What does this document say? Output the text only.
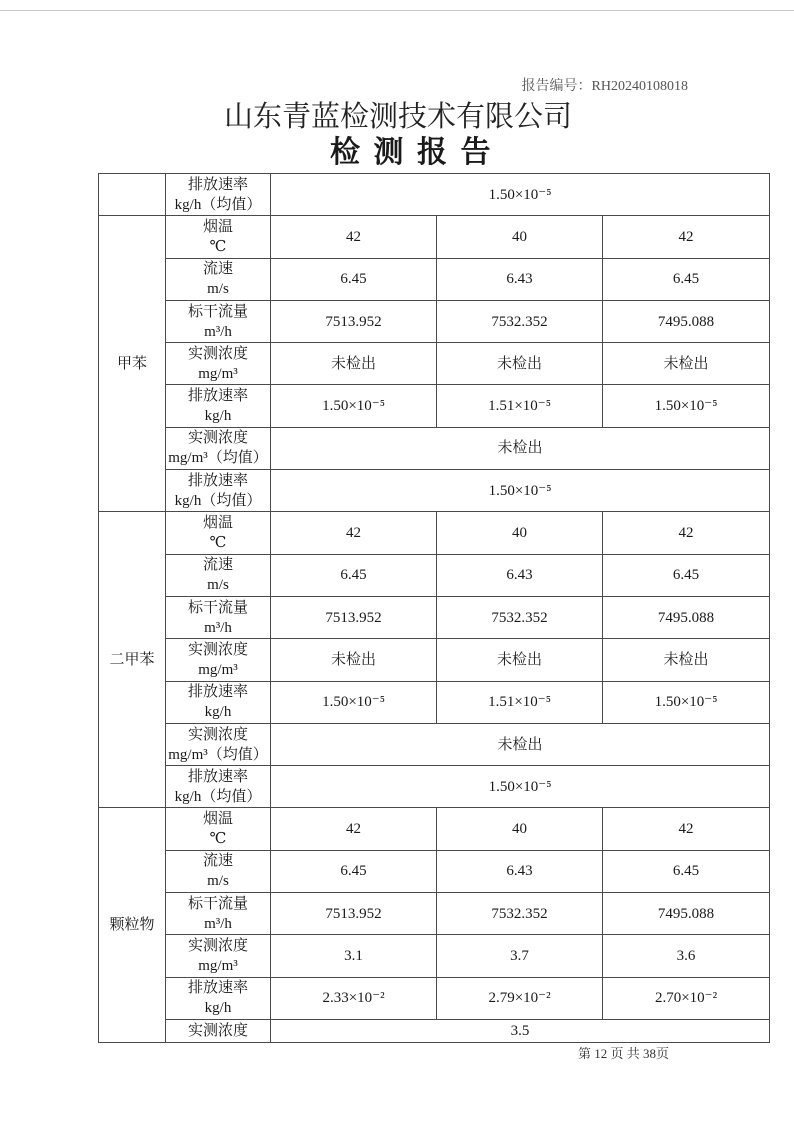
报告编号：RH20240108018
山东青蓝检测技术有限公司
检 测 报 告

	排放速率
kg/h（均值）	1.50×10⁻⁵		
甲苯	烟温
℃	42	40	42

	流速
m/s	6.45	6.43	6.45

	标干流量
m³/h	7513.952	7532.352	7495.088

	实测浓度
mg/m³	未检出	未检出	未检出

	排放速率
kg/h	1.50×10⁻⁵	1.51×10⁻⁵	1.50×10⁻⁵

	实测浓度
mg/m³（均值）	未检出		

	排放速率
kg/h（均值）	1.50×10⁻⁵		
二甲苯	烟温
℃	42	40	42

	流速
m/s	6.45	6.43	6.45

	标干流量
m³/h	7513.952	7532.352	7495.088

	实测浓度
mg/m³	未检出	未检出	未检出

	排放速率
kg/h	1.50×10⁻⁵	1.51×10⁻⁵	1.50×10⁻⁵

	实测浓度
mg/m³（均值）	未检出		

	排放速率
kg/h（均值）	1.50×10⁻⁵		
颗粒物	烟温
℃	42	40	42

	流速
m/s	6.45	6.43	6.45

	标干流量
m³/h	7513.952	7532.352	7495.088

	实测浓度
mg/m³	3.1	3.7	3.6

	排放速率
kg/h	2.33×10⁻²	2.79×10⁻²	2.70×10⁻²

	实测浓度	3.5		
第 12 页 共 38页
